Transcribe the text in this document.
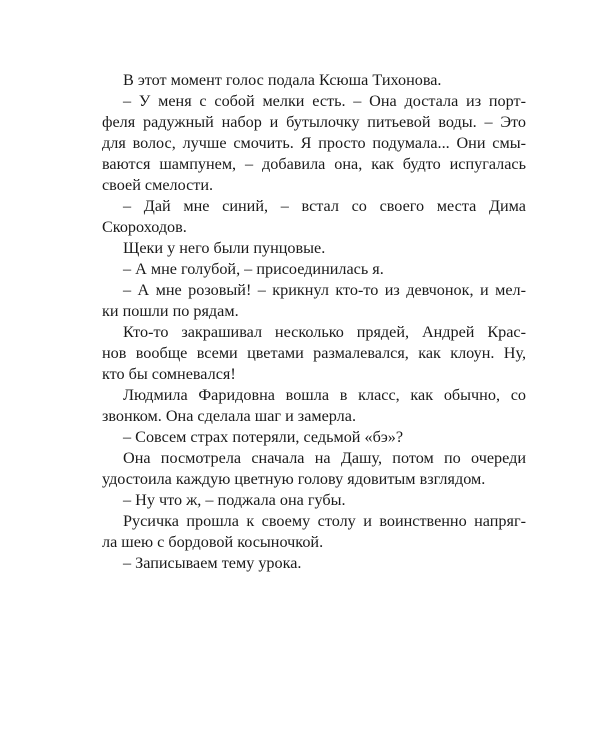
В этот момент голос подала Ксюша Тихонова.

– У меня с собой мелки есть. – Она достала из порт-
феля радужный набор и бутылочку питьевой воды. – Это
для волос, лучше смочить. Я просто подумала... Они смы-
ваются шампунем, – добавила она, как будто испугалась
своей смелости.

– Дай мне синий, – встал со своего места Дима
Скороходов.

Щеки у него были пунцовые.

– А мне голубой, – присоединилась я.

– А мне розовый! – крикнул кто-то из девчонок, и мел-
ки пошли по рядам.

Кто-то закрашивал несколько прядей, Андрей Крас-
нов вообще всеми цветами размалевался, как клоун. Ну,
кто бы сомневался!

Людмила Фаридовна вошла в класс, как обычно, со
звонком. Она сделала шаг и замерла.

– Совсем страх потеряли, седьмой «бэ»?

Она посмотрела сначала на Дашу, потом по очереди
удостоила каждую цветную голову ядовитым взглядом.

– Ну что ж, – поджала она губы.

Русичка прошла к своему столу и воинственно напряг-
ла шею с бордовой косыночкой.

– Записываем тему урока.
